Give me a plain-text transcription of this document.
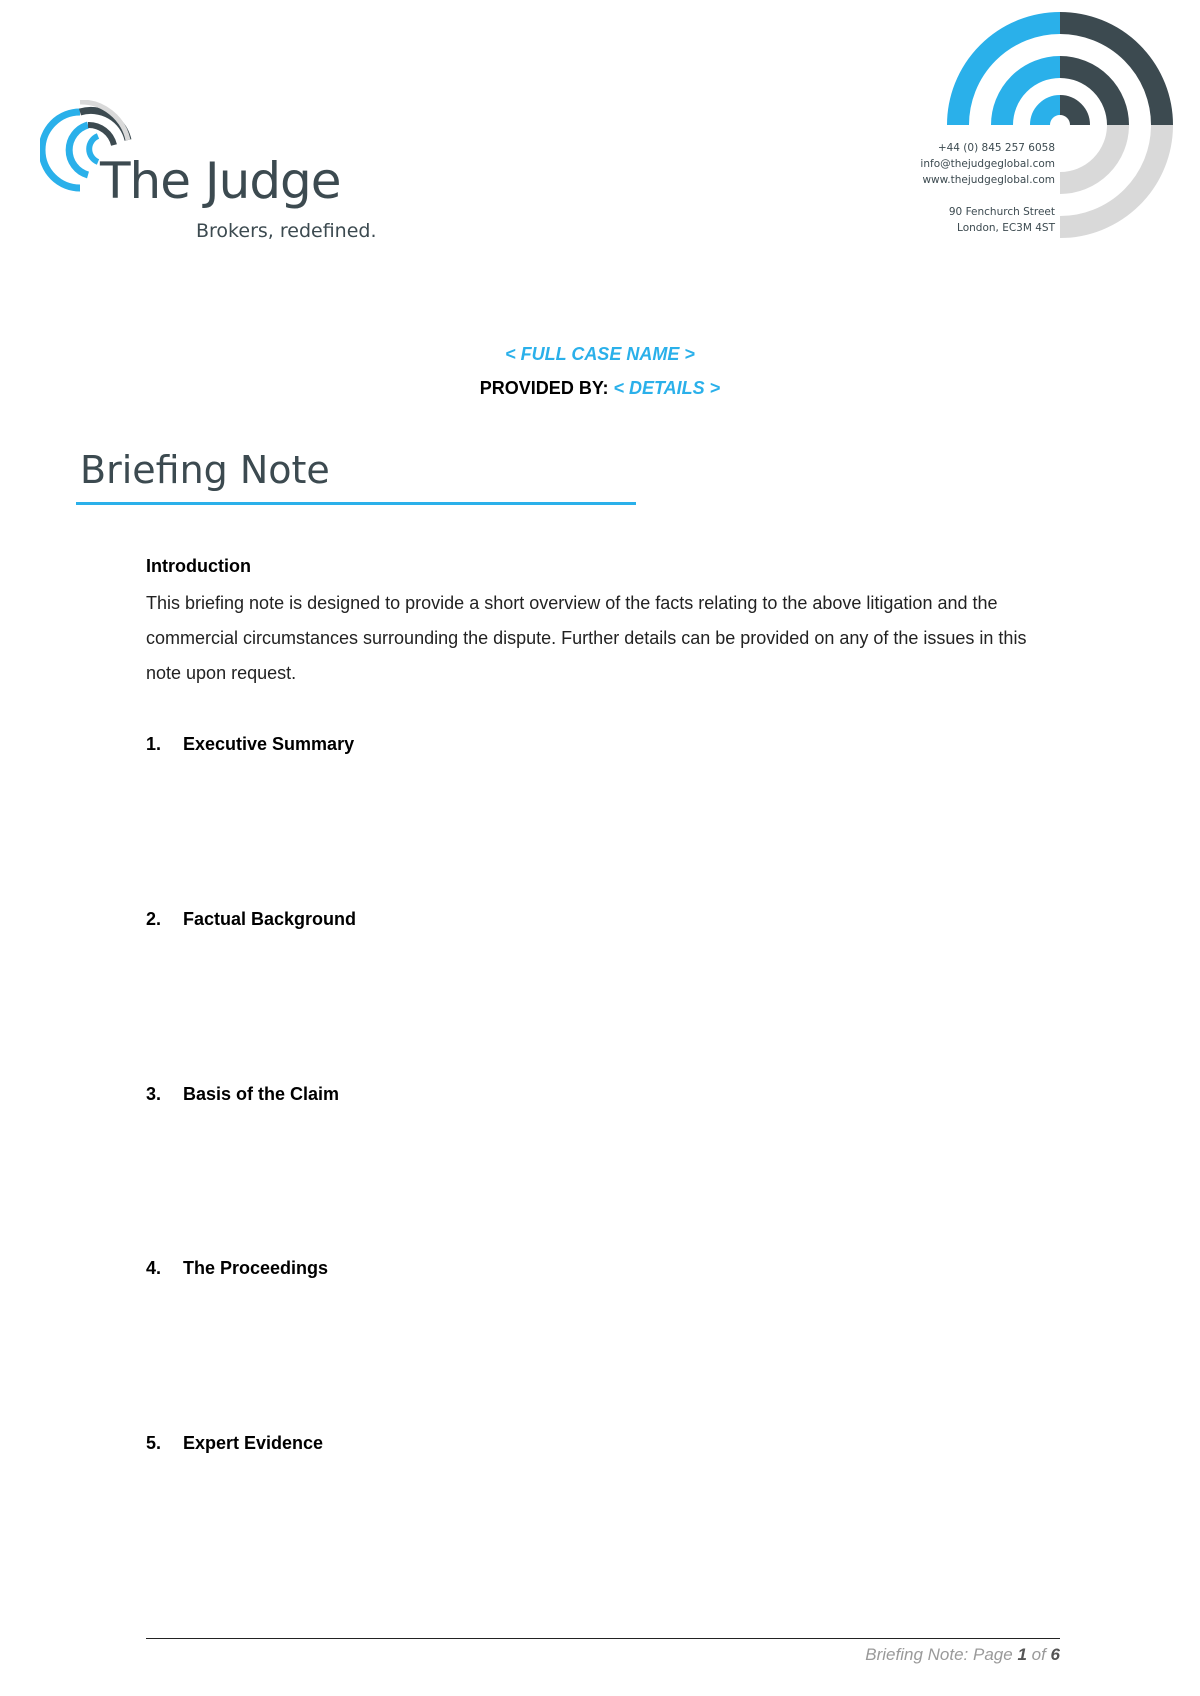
The Judge
Brokers, redefined.
+44 (0) 845 257 6058
info@thejudgeglobal.com
www.thejudgeglobal.com
90 Fenchurch Street
London, EC3M 4ST
< FULL CASE NAME >
PROVIDED BY: < DETAILS >
Briefing Note
Introduction
This briefing note is designed to provide a short overview of the facts relating to the above litigation and the commercial circumstances surrounding the dispute. Further details can be provided on any of the issues in this note upon request.
1. Executive Summary
2. Factual Background
3. Basis of the Claim
4. The Proceedings
5. Expert Evidence
Briefing Note: Page 1 of 6
